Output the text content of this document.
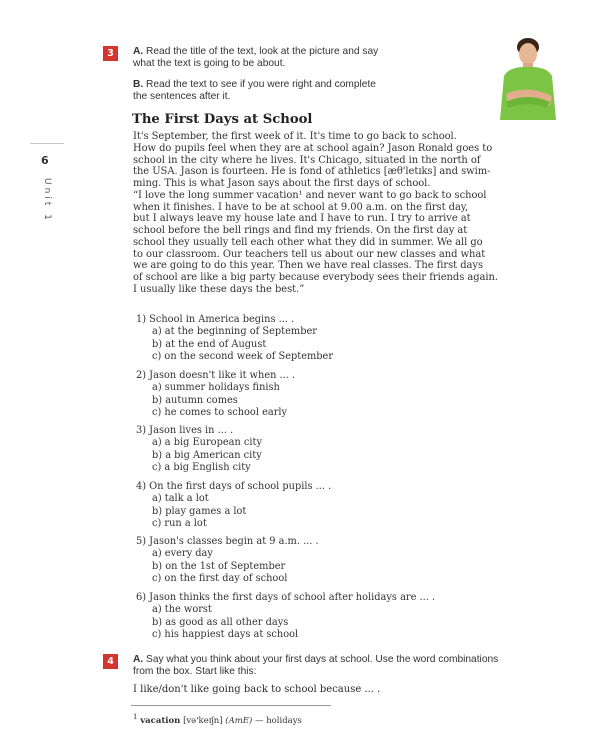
6
Unit 1
3	A. Read the title of the text, look at the picture and say
what the text is going to be about.
B. Read the text to see if you were right and complete
the sentences after it.
The First Days at School
It's September, the first week of it. It's time to go back to school.
How do pupils feel when they are at school again? Jason Ronald goes to
school in the city where he lives. It's Chicago, situated in the north of
the USA. Jason is fourteen. He is fond of athletics [æθ'letɪks] and swim-
ming. This is what Jason says about the first days of school.
“I love the long summer vacation¹ and never want to go back to school
when it finishes. I have to be at school at 9.00 a.m. on the first day,
but I always leave my house late and I have to run. I try to arrive at
school before the bell rings and find my friends. On the first day at
school they usually tell each other what they did in summer. We all go
to our classroom. Our teachers tell us about our new classes and what
we are going to do this year. Then we have real classes. The first days
of school are like a big party because everybody sees their friends again.
I usually like these days the best.”
1) School in America begins ... .
a) at the beginning of September
b) at the end of August
c) on the second week of September
2) Jason doesn't like it when ... .
a) summer holidays finish
b) autumn comes
c) he comes to school early
3) Jason lives in ... .
a) a big European city
b) a big American city
c) a big English city
4) On the first days of school pupils ... .
a) talk a lot
b) play games a lot
c) run a lot
5) Jason's classes begin at 9 a.m. ... .
a) every day
b) on the 1st of September
c) on the first day of school
6) Jason thinks the first days of school after holidays are ... .
a) the worst
b) as good as all other days
c) his happiest days at school
4	A. Say what you think about your first days at school. Use the word combinations
from the box. Start like this:
I like/don't like going back to school because ... .
$^1$ vacation [və'keɪʃn] (AmE) — holidays
